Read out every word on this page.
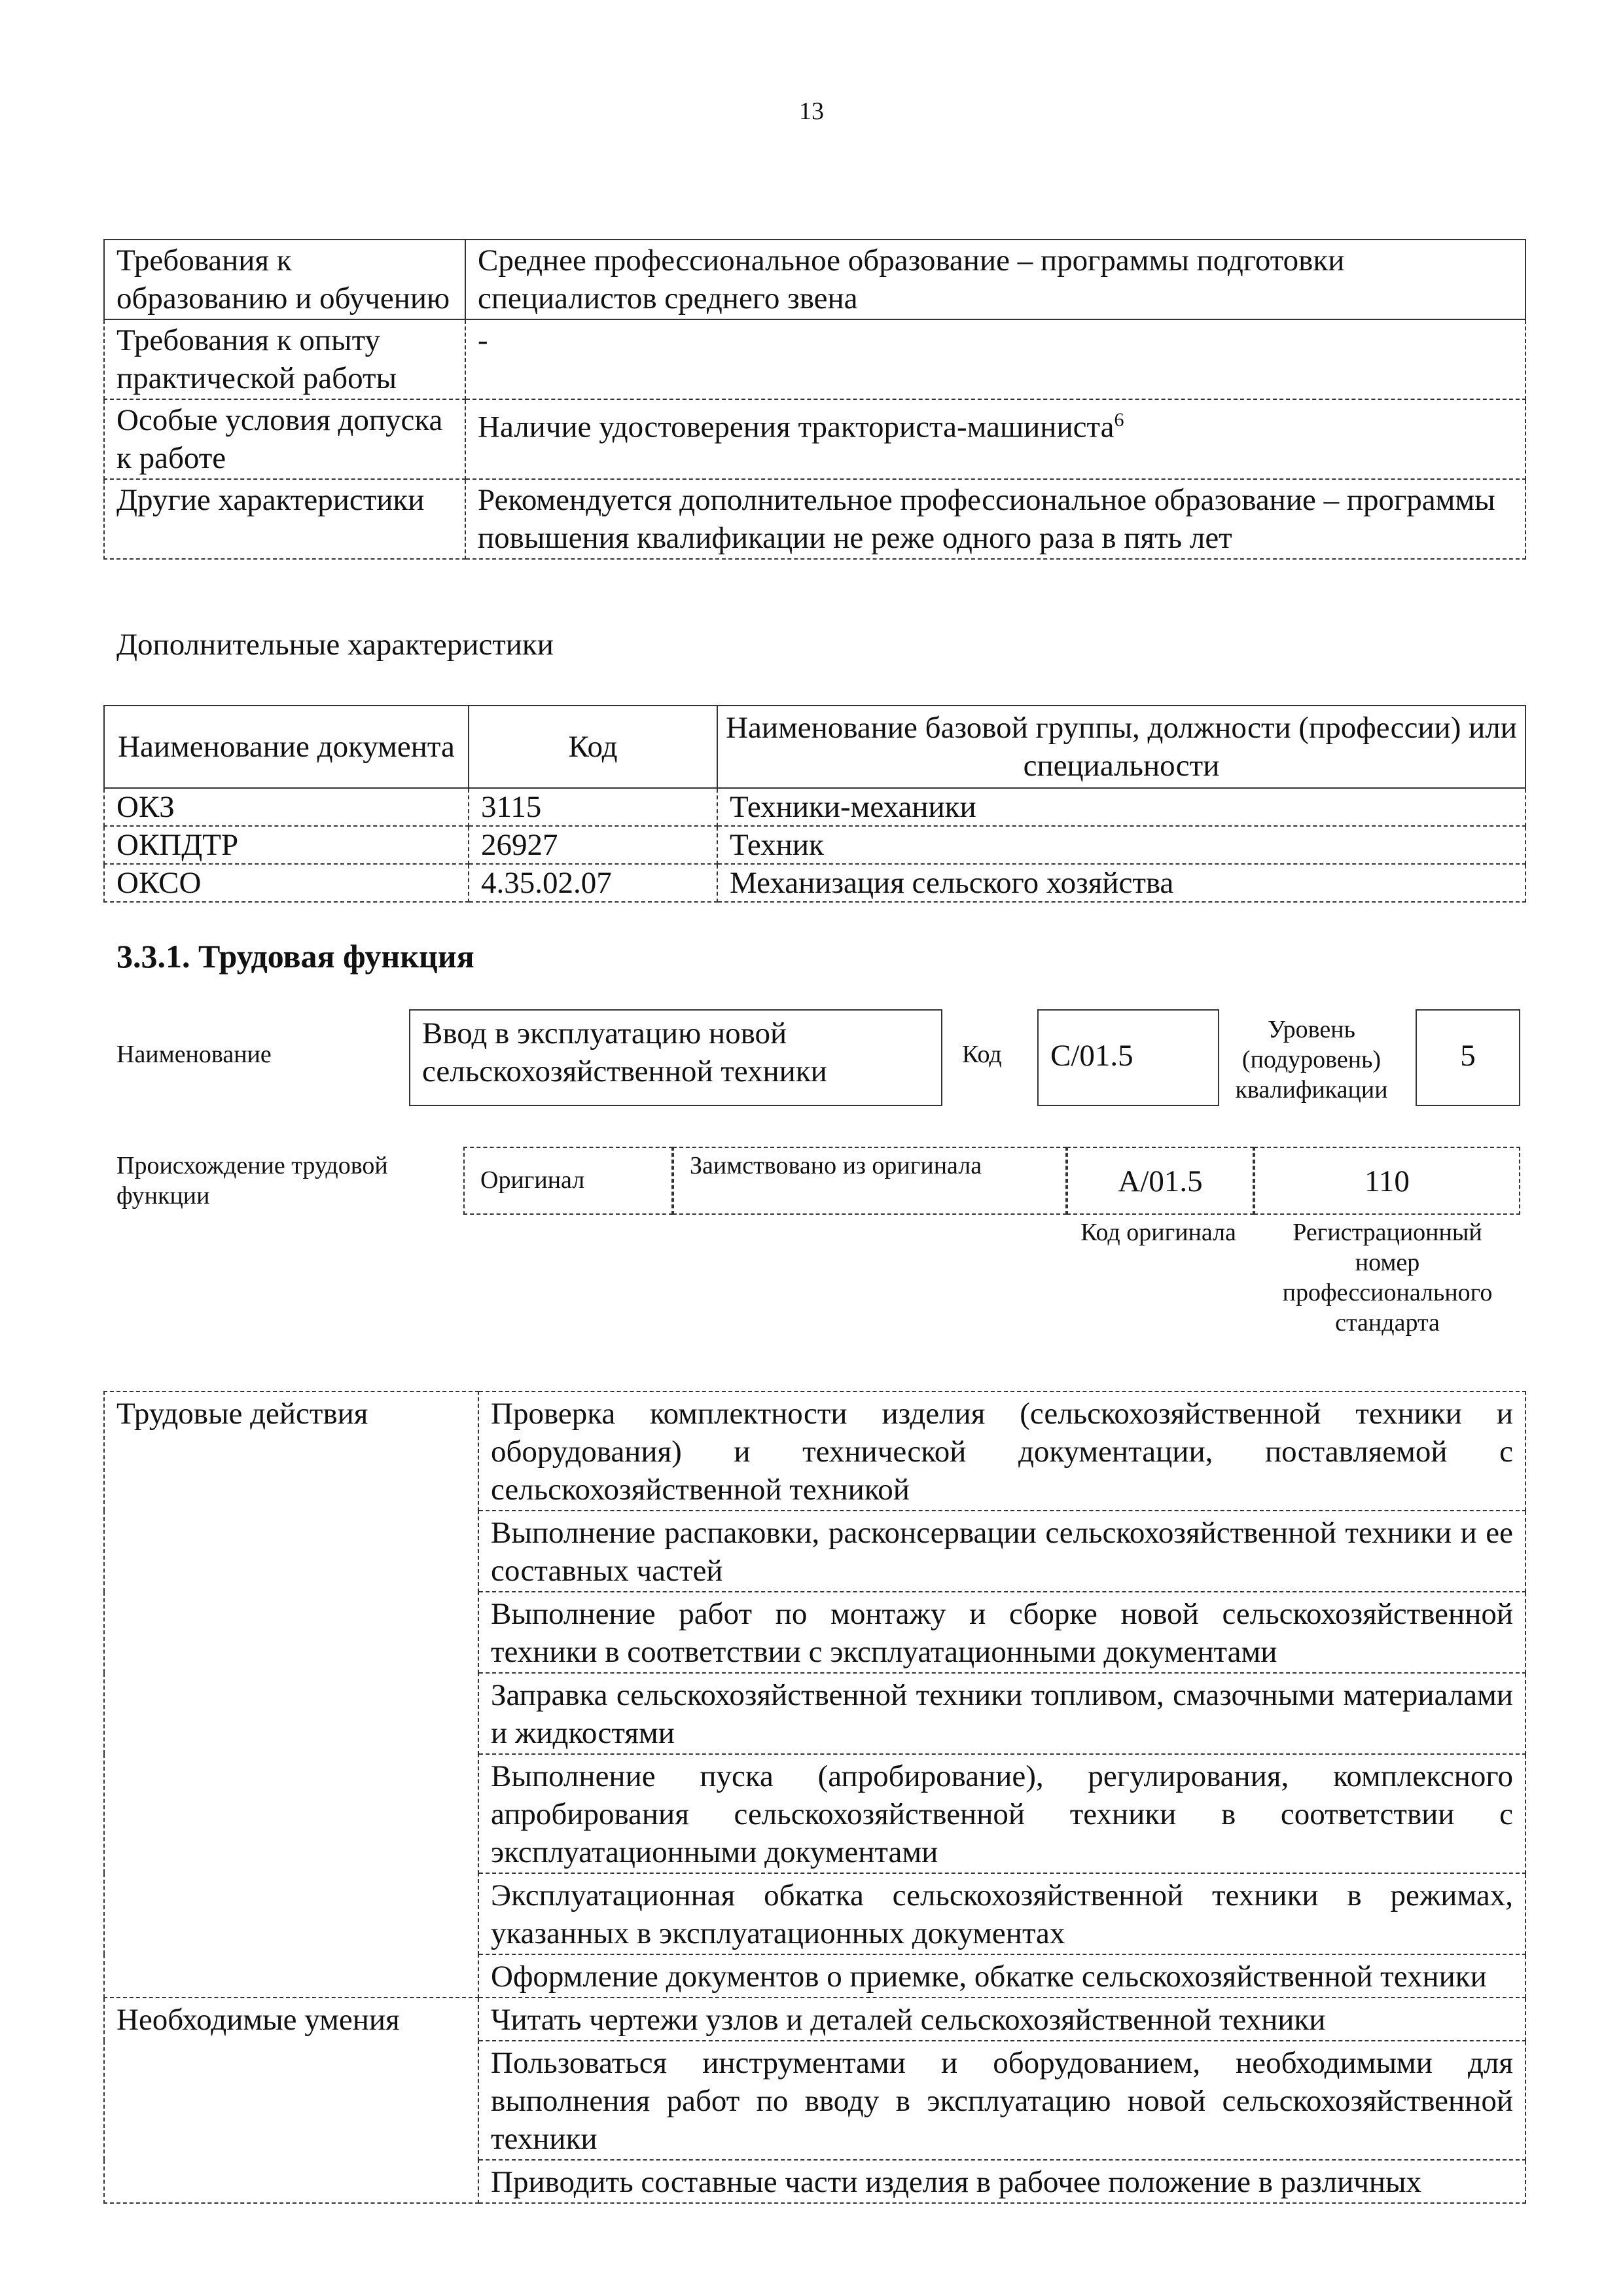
13
Требования к образованию и обучению	Среднее профессиональное образование – программы подготовки специалистов среднего звена
Требования к опыту практической работы	-
Особые условия допуска к работе	Наличие удостоверения тракториста-машиниста$^6$
Другие характеристики	Рекомендуется дополнительное профессиональное образование – программы повышения квалификации не реже одного раза в пять лет
Дополнительные характеристики
Наименование документа	Код	Наименование базовой группы, должности (профессии) или специальности
ОКЗ	3115	Техники-механики
ОКПДТР	26927	Техник
ОКСО	4.35.02.07	Механизация сельского хозяйства
3.3.1. Трудовая функция
Наименование
Ввод в эксплуатацию новой сельскохозяйственной техники	Код	C/01.5
Уровень (подуровень) квалификации
5
Происхождение трудовой функции
Оригинал
Заимствовано из оригинала	A/01.5	110
Код оригинала	Регистрационный номер профессионального стандарта
Трудовые действия	Проверка комплектности изделия (сельскохозяйственной техники и оборудования) и технической документации, поставляемой с сельскохозяйственной техникой
	Выполнение распаковки, расконсервации сельскохозяйственной техники и ее составных частей
	Выполнение работ по монтажу и сборке новой сельскохозяйственной техники в соответствии с эксплуатационными документами
	Заправка сельскохозяйственной техники топливом, смазочными материалами и жидкостями
	Выполнение пуска (апробирование), регулирования, комплексного апробирования сельскохозяйственной техники в соответствии с эксплуатационными документами
	Эксплуатационная обкатка сельскохозяйственной техники в режимах, указанных в эксплуатационных документах
	Оформление документов о приемке, обкатке сельскохозяйственной техники
Необходимые умения	Читать чертежи узлов и деталей сельскохозяйственной техники
	Пользоваться инструментами и оборудованием, необходимыми для выполнения работ по вводу в эксплуатацию новой сельскохозяйственной техники
	Приводить составные части изделия в рабочее положение в различных
